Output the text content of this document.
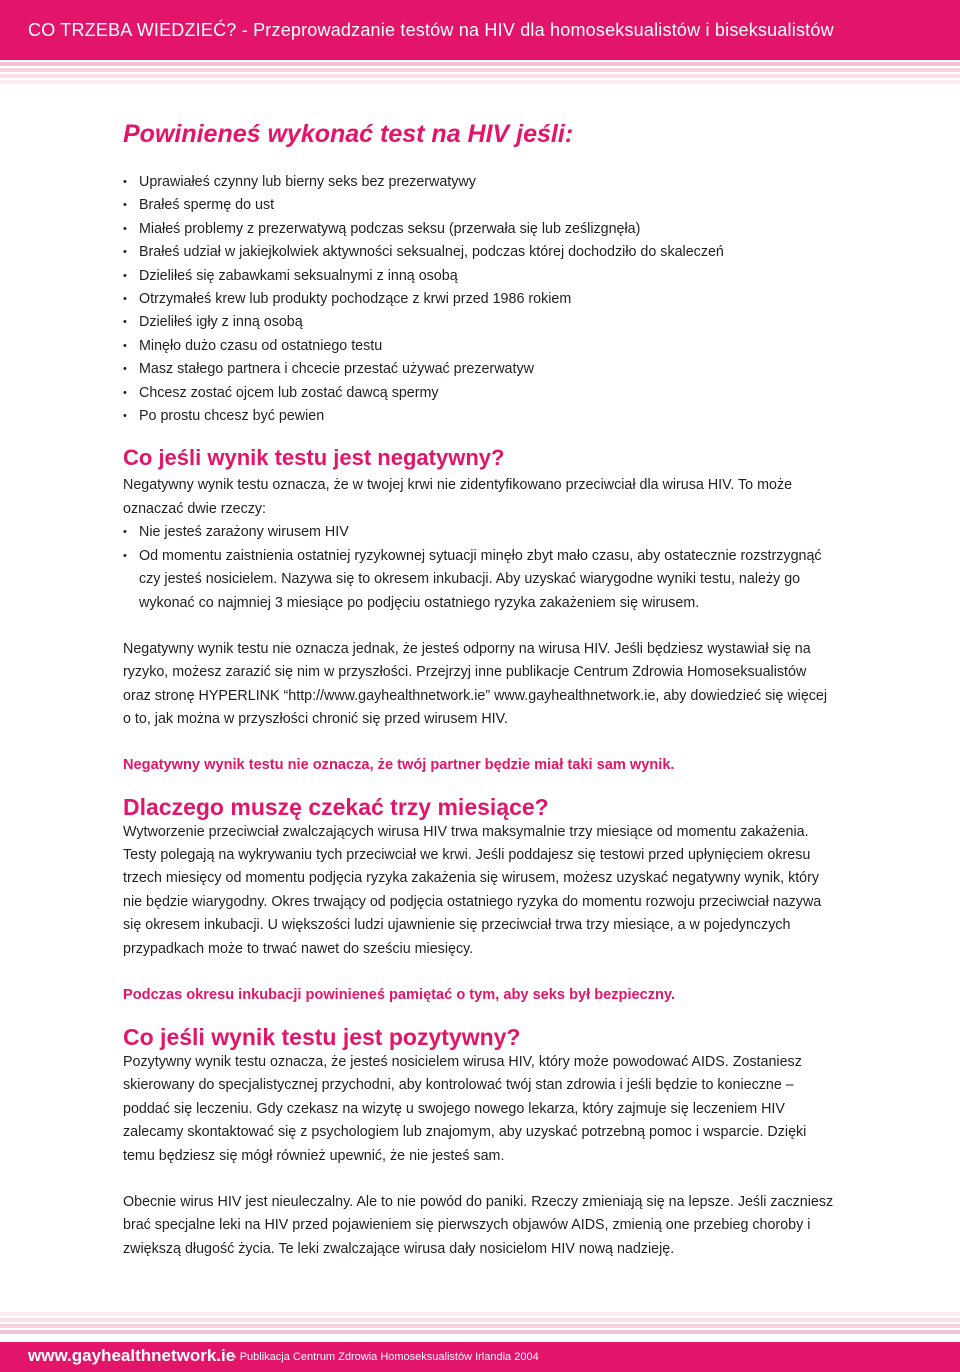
CO TRZEBA WIEDZIEĆ? - Przeprowadzanie testów na HIV dla homoseksualistów i biseksualistów
Powinieneś wykonać test na HIV jeśli:
• Uprawiałeś czynny lub bierny seks bez prezerwatywy
• Brałeś spermę do ust
• Miałeś problemy z prezerwatywą podczas seksu (przerwała się lub ześlizgnęła)
• Brałeś udział w jakiejkolwiek aktywności seksualnej, podczas której dochodziło do skaleczeń
• Dzieliłeś się zabawkami seksualnymi z inną osobą
• Otrzymałeś krew lub produkty pochodzące z krwi przed 1986 rokiem
• Dzieliłeś igły z inną osobą
• Minęło dużo czasu od ostatniego testu
• Masz stałego partnera i chcecie przestać używać prezerwatyw
• Chcesz zostać ojcem lub zostać dawcą spermy
• Po prostu chcesz być pewien
Co jeśli wynik testu jest negatywny?

Negatywny wynik testu oznacza, że w twojej krwi nie zidentyfikowano przeciwciał dla wirusa HIV. To może oznaczać dwie rzeczy:

• Nie jesteś zarażony wirusem HIV
• Od momentu zaistnienia ostatniej ryzykownej sytuacji minęło zbyt mało czasu, aby ostatecznie rozstrzygnąć czy jesteś nosicielem. Nazywa się to okresem inkubacji. Aby uzyskać wiarygodne wyniki testu, należy go wykonać co najmniej 3 miesiące po podjęciu ostatniego ryzyka zakażeniem się wirusem.

Negatywny wynik testu nie oznacza jednak, że jesteś odporny na wirusa HIV. Jeśli będziesz wystawiał się na ryzyko, możesz zarazić się nim w przyszłości. Przejrzyj inne publikacje Centrum Zdrowia Homoseksualistów oraz stronę HYPERLINK “http://www.gayhealthnetwork.ie” www.gayhealthnetwork.ie, aby dowiedzieć się więcej o to, jak można w przyszłości chronić się przed wirusem HIV.

Negatywny wynik testu nie oznacza, że twój partner będzie miał taki sam wynik.

Dlaczego muszę czekać trzy miesiące?

Wytworzenie przeciwciał zwalczających wirusa HIV trwa maksymalnie trzy miesiące od momentu zakażenia. Testy polegają na wykrywaniu tych przeciwciał we krwi. Jeśli poddajesz się testowi przed upłynięciem okresu trzech miesięcy od momentu podjęcia ryzyka zakażenia się wirusem, możesz uzyskać negatywny wynik, który nie będzie wiarygodny. Okres trwający od podjęcia ostatniego ryzyka do momentu rozwoju przeciwciał nazywa się okresem inkubacji. U większości ludzi ujawnienie się przeciwciał trwa trzy miesiące, a w pojedynczych przypadkach może to trwać nawet do sześciu miesięcy.

Podczas okresu inkubacji powinieneś pamiętać o tym, aby seks był bezpieczny.

Co jeśli wynik testu jest pozytywny?

Pozytywny wynik testu oznacza, że jesteś nosicielem wirusa HIV, który może powodować AIDS. Zostaniesz skierowany do specjalistycznej przychodni, aby kontrolować twój stan zdrowia i jeśli będzie to konieczne – poddać się leczeniu. Gdy czekasz na wizytę u swojego nowego lekarza, który zajmuje się leczeniem HIV zalecamy skontaktować się z psychologiem lub znajomym, aby uzyskać potrzebną pomoc i wsparcie. Dzięki temu będziesz się mógł również upewnić, że nie jesteś sam.

Obecnie wirus HIV jest nieuleczalny. Ale to nie powód do paniki. Rzeczy zmieniają się na lepsze. Jeśli zaczniesz brać specjalne leki na HIV przed pojawieniem się pierwszych objawów AIDS, zmienią one przebieg choroby i zwiększą długość życia. Te leki zwalczające wirusa dały nosicielom HIV nową nadzieję.

www.gayhealthnetwork.ie
- Publikacja Centrum Zdrowia Homoseksualistów Irlandia 2004
